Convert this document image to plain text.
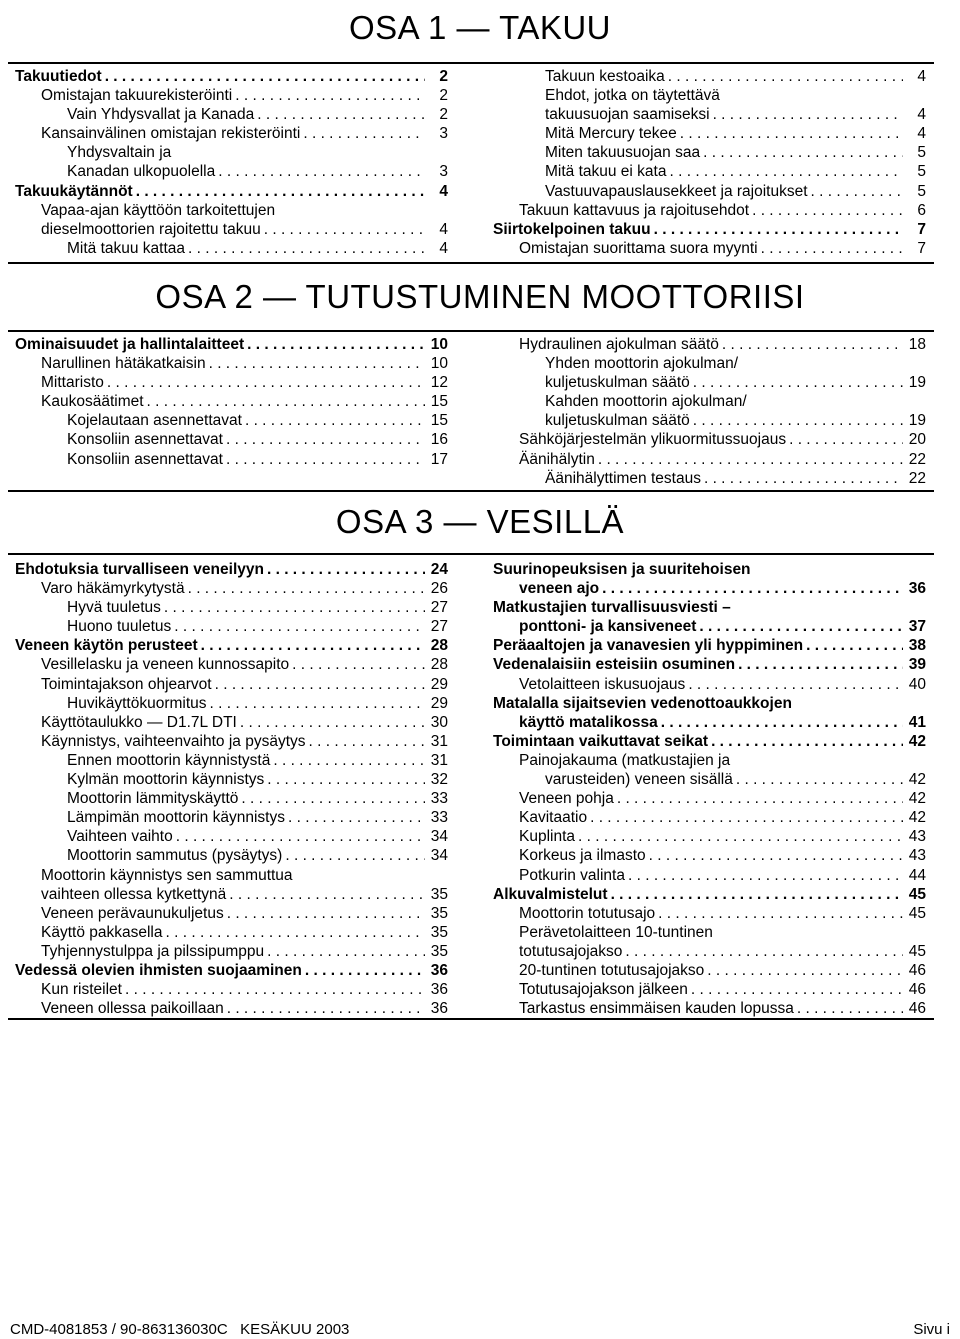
OSA 1 — TAKUU
Takuutiedot . . .	2
Omistajan takuurekisteröinti . . .	2
Vain Yhdysvallat ja Kanada . . .	2
Kansainvälinen omistajan rekisteröinti . . .	3
Yhdysvaltain ja
Kanadan ulkopuolella . . .	3
Takuukäytännöt . . .	4
Vapaa-ajan käyttöön tarkoitettujen
dieselmoottorien rajoitettu takuu . . .	4
Mitä takuu kattaa . . .	4
Takuun kestoaika . . .	4
Ehdot, jotka on täytettävä
takuusuojan saamiseksi . . .	4
Mitä Mercury tekee . . .	4
Miten takuusuojan saa . . .	5
Mitä takuu ei kata . . .	5
Vastuuvapauslausekkeet ja rajoitukset . . .	5
Takuun kattavuus ja rajoitusehdot . . .	6
Siirtokelpoinen takuu . . .	7
Omistajan suorittama suora myynti . . .	7
OSA 2 — TUTUSTUMINEN MOOTTORIISI
Ominaisuudet ja hallintalaitteet . . .	10
Narullinen hätäkatkaisin . . .	10
Mittaristo . . .	12
Kaukosäätimet . . .	15
Kojelautaan asennettavat . . .	15
Konsoliin asennettavat . . .	16
Konsoliin asennettavat . . .	17
Hydraulinen ajokulman säätö . . .	18
Yhden moottorin ajokulman/
kuljetuskulman säätö . . .	19
Kahden moottorin ajokulman/
kuljetuskulman säätö . . .	19
Sähköjärjestelmän ylikuormitussuojaus . . .	20
Äänihälytin . . .	22
Äänihälyttimen testaus . . .	22
OSA 3 — VESILLÄ
Ehdotuksia turvalliseen veneilyyn . . .	24
Varo häkämyrkytystä . . .	26
Hyvä tuuletus . . .	27
Huono tuuletus . . .	27
Veneen käytön perusteet . . .	28
Vesillelasku ja veneen kunnossapito . . .	28
Toimintajakson ohjearvot . . .	29
Huvikäyttökuormitus . . .	29
Käyttötaulukko — D1.7L DTI . . .	30
Käynnistys, vaihteenvaihto ja pysäytys . . .	31
Ennen moottorin käynnistystä . . .	31
Kylmän moottorin käynnistys . . .	32
Moottorin lämmityskäyttö . . .	33
Lämpimän moottorin käynnistys . . .	33
Vaihteen vaihto . . .	34
Moottorin sammutus (pysäytys) . . .	34
Moottorin käynnistys sen sammuttua
vaihteen ollessa kytkettynä . . .	35
Veneen perävaunukuljetus . . .	35
Käyttö pakkasella . . .	35
Tyhjennystulppa ja pilssipumppu . . .	35
Vedessä olevien ihmisten suojaaminen . . .	36
Kun risteilet . . .	36
Veneen ollessa paikoillaan . . .	36
Suurinopeuksisen ja suuritehoisen
veneen ajo . . .	36
Matkustajien turvallisuusviesti –
ponttoni- ja kansiveneet . . .	37
Peräaaltojen ja vanavesien yli hyppiminen . . .	38
Vedenalaisiin esteisiin osuminen . . .	39
Vetolaitteen iskusuojaus . . .	40
Matalalla sijaitsevien vedenottoaukkojen
käyttö matalikossa . . .	41
Toimintaan vaikuttavat seikat . . .	42
Painojakauma (matkustajien ja
varusteiden) veneen sisällä . . .	42
Veneen pohja . . .	42
Kavitaatio . . .	42
Kuplinta . . .	43
Korkeus ja ilmasto . . .	43
Potkurin valinta . . .	44
Alkuvalmistelut . . .	45
Moottorin totutusajo . . .	45
Perävetolaitteen 10-tuntinen
totutusajojakso . . .	45
20-tuntinen totutusajojakso . . .	46
Totutusajojakson jälkeen . . .	46
Tarkastus ensimmäisen kauden lopussa . . .	46
CMD-4081853 / 90-863136030C   KESÄKUU 2003	Sivu i
